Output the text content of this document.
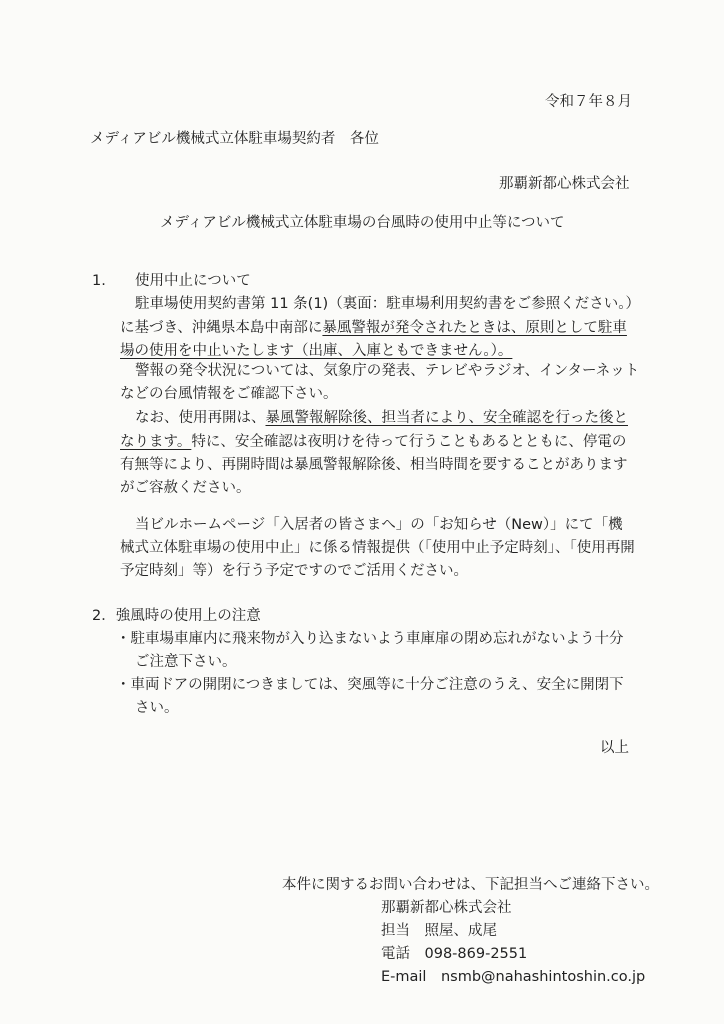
令和７年８月
メディアビル機械式立体駐車場契約者　各位
那覇新都心株式会社
メディアビル機械式立体駐車場の台風時の使用中止等について
1. 使用中止について
駐車場使用契約書第 11 条(1)（裏面：駐車場利用契約書をご参照ください。）
に基づき、沖縄県本島中南部に暴風警報が発令されたときは、原則として駐車
場の使用を中止いたします（出庫、入庫ともできません。）。
警報の発令状況については、気象庁の発表、テレビやラジオ、インターネット
などの台風情報をご確認下さい。
なお、使用再開は、暴風警報解除後、担当者により、安全確認を行った後と
なります。特に、安全確認は夜明けを待って行うこともあるとともに、停電の
有無等により、再開時間は暴風警報解除後、相当時間を要することがあります
がご容赦ください。
当ビルホームページ「入居者の皆さまへ」の「お知らせ（New）」にて「機
械式立体駐車場の使用中止」に係る情報提供（「使用中止予定時刻」、「使用再開
予定時刻」等）を行う予定ですのでご活用ください。
2．強風時の使用上の注意
・駐車場車庫内に飛来物が入り込まないよう車庫扉の閉め忘れがないよう十分
ご注意下さい。
・車両ドアの開閉につきましては、突風等に十分ご注意のうえ、安全に開閉下
さい。
以上
本件に関するお問い合わせは、下記担当へご連絡下さい。
那覇新都心株式会社
担当　照屋、成尾
電話　098-869-2551
E-mail　nsmb@nahashintoshin.co.jp
